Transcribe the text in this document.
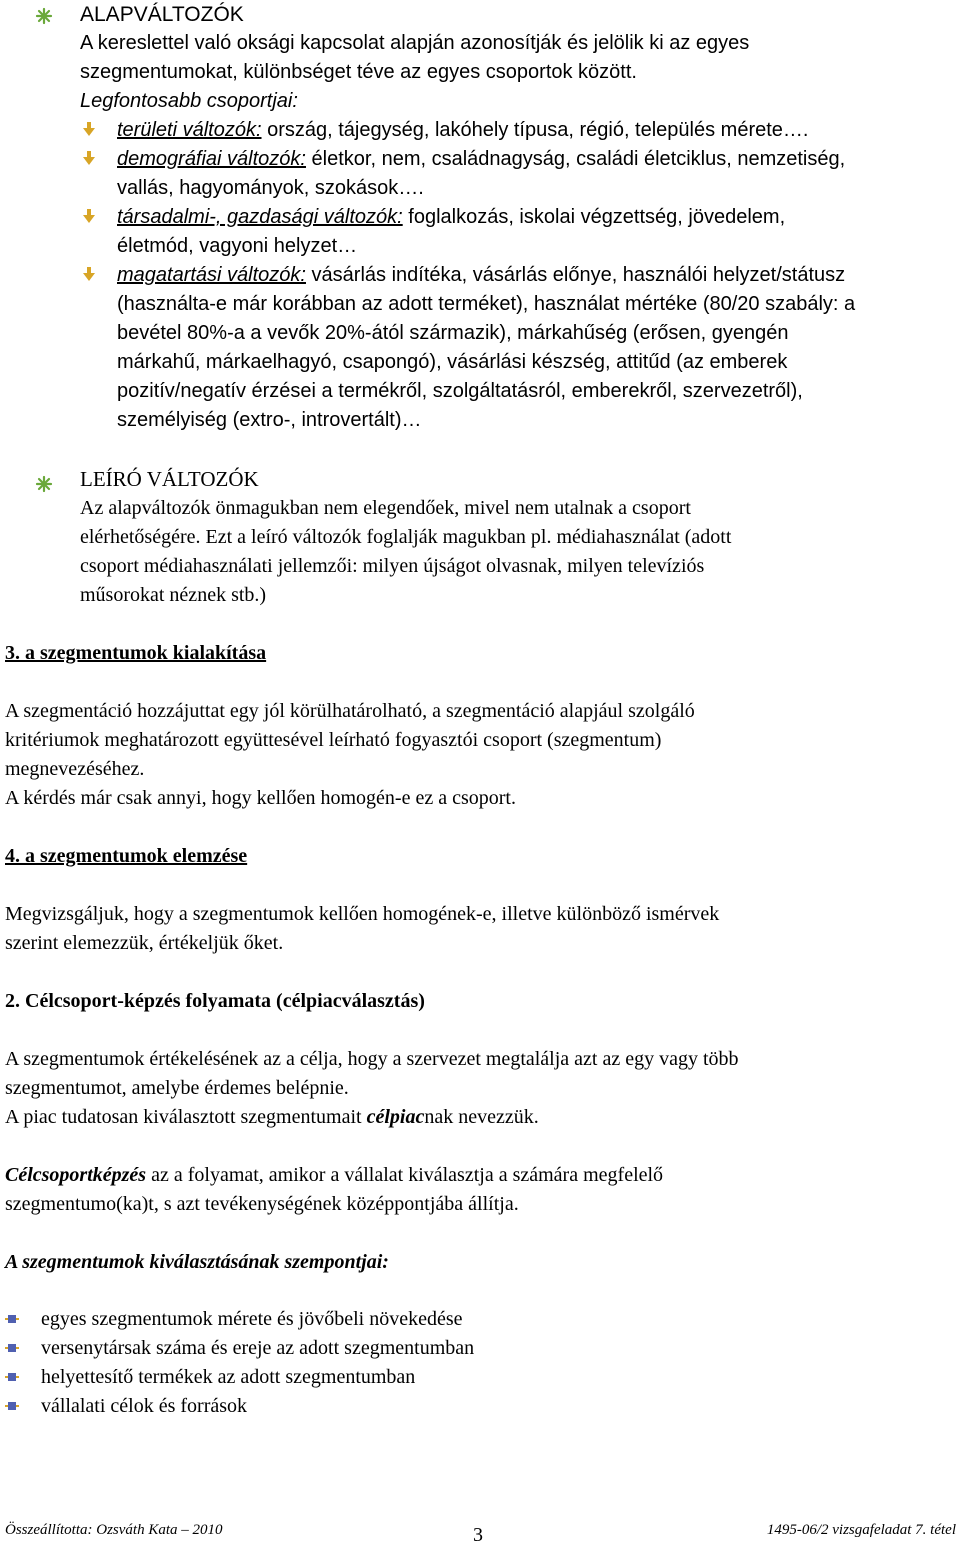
ALAPVÁLTOZÓK
A kereslettel való oksági kapcsolat alapján azonosítják és jelölik ki az egyes
szegmentumokat, különbséget téve az egyes csoportok között.
Legfontosabb csoportjai:
területi változók: ország, tájegység, lakóhely típusa, régió, település mérete….
demográfiai változók: életkor, nem, családnagyság, családi életciklus, nemzetiség,
vallás, hagyományok, szokások….
társadalmi-, gazdasági változók: foglalkozás, iskolai végzettség, jövedelem,
életmód, vagyoni helyzet…
magatartási változók: vásárlás indítéka, vásárlás előnye, használói helyzet/státusz
(használta-e már korábban az adott terméket), használat mértéke (80/20 szabály: a
bevétel 80%-a a vevők 20%-ától származik), márkahűség (erősen, gyengén
márkahű, márkaelhagyó, csapongó), vásárlási készség, attitűd (az emberek
pozitív/negatív érzései a termékről, szolgáltatásról, emberekről, szervezetről),
személyiség (extro-, introvertált)…
LEÍRÓ VÁLTOZÓK
Az alapváltozók önmagukban nem elegendőek, mivel nem utalnak a csoport
elérhetőségére. Ezt a leíró változók foglalják magukban pl. médiahasználat (adott
csoport médiahasználati jellemzői: milyen újságot olvasnak, milyen televíziós
műsorokat néznek stb.)
3. a szegmentumok kialakítása
A szegmentáció hozzájuttat egy jól körülhatárolható, a szegmentáció alapjául szolgáló
kritériumok meghatározott együttesével leírható fogyasztói csoport (szegmentum)
megnevezéséhez.
A kérdés már csak annyi, hogy kellően homogén-e ez a csoport.
4. a szegmentumok elemzése
Megvizsgáljuk, hogy a szegmentumok kellően homogének-e, illetve különböző ismérvek
szerint elemezzük, értékeljük őket.
2. Célcsoport-képzés folyamata (célpiacválasztás)
A szegmentumok értékelésének az a célja, hogy a szervezet megtalálja azt az egy vagy több
szegmentumot, amelybe érdemes belépnie.
A piac tudatosan kiválasztott szegmentumait célpiacnak nevezzük.
Célcsoportképzés az a folyamat, amikor a vállalat kiválasztja a számára megfelelő
szegmentumo(ka)t, s azt tevékenységének középpontjába állítja.
A szegmentumok kiválasztásának szempontjai:
egyes szegmentumok mérete és jövőbeli növekedése
versenytársak száma és ereje az adott szegmentumban
helyettesítő termékek az adott szegmentumban
vállalati célok és források
Összeállította: Ozsváth Kata – 2010	3	1495-06/2 vizsgafeladat 7. tétel
